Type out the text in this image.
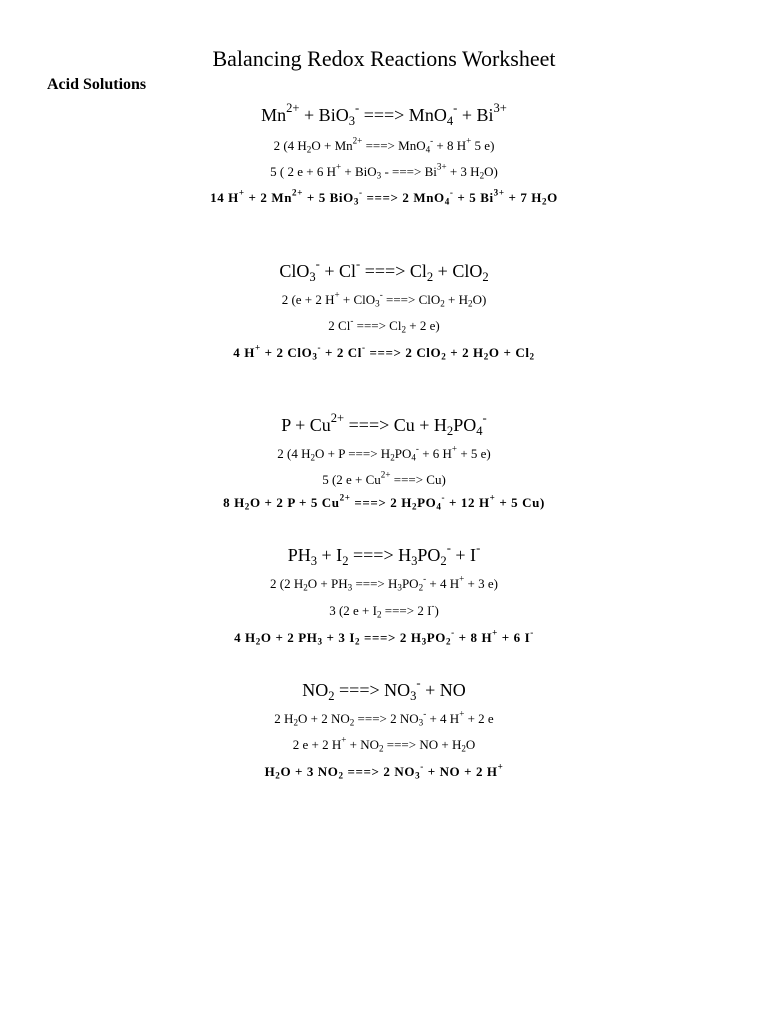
Balancing Redox Reactions Worksheet
Acid Solutions
$Mn^{2+} + BiO_3^-$ ===> $MnO_4^- + Bi^{3+}$
2 (4 $H_2O + Mn^{2+}$ ===> MnO$_4$- + 8 H+ 5 e)
5 ( 2 e + 6 H+ + BiO$_3$ - ===> $Bi^{3+} + 3$ $H_2O$)
14 H+ + 2 $Mn^{2+} + 5$ BiO$_3$- ===> 2 MnO$_4$- + 5 $Bi^{3+} + 7$ $H_2O$
ClO$_3$- + Cl- ===> $Cl_2 + ClO_2$
2 (e + 2 H+ + ClO$_3$- ===> $ClO_2 + H_2O$)
2 Cl- ===> $Cl_2 + 2$ e)
4 H+ + 2 ClO$_3$- + 2 Cl- ===> 2 ClO$_2$ + 2 $H_2O + Cl_2$
$P + Cu^{2+}$ ===> $Cu + H_2PO_4^-$
2 (4 $H_2O + P$ ===> $H_2PO_4^- + 6$ H+ + 5 e)
5 (2 $e + Cu^{2+}$ ===> Cu)
8 $H_2O + 2$ P + 5 $Cu^{2+}$ ===> 2 $H_2PO_4^- + 12$ H+ + 5 Cu)
$PH_3 + I_2$ ===> $H_3PO_2^- + I^-$
2 (2 $H_2O + PH_3$ ===> $H_3PO_2^- + 4$ H+ + 3 e)
3 (2 $e + I_2$ ===> 2 I-)
4 $H_2O + 2$ $PH_3 + 3$ $I_2$ ===> 2 $H_3PO_2^- + 8$ H+ + 6 I-
$NO_2$ ===> $NO_3^-$ + NO
2 $H_2O + 2$ $NO_2$ ===> 2 $NO_3^- + 4$ H+ + 2 e
2 e + 2 $H^+ + NO_2$ ===> NO + $H_2O$
$H_2O + 3$ $NO_2$ ===> 2 $NO_3^-$ + NO + 2 H+
